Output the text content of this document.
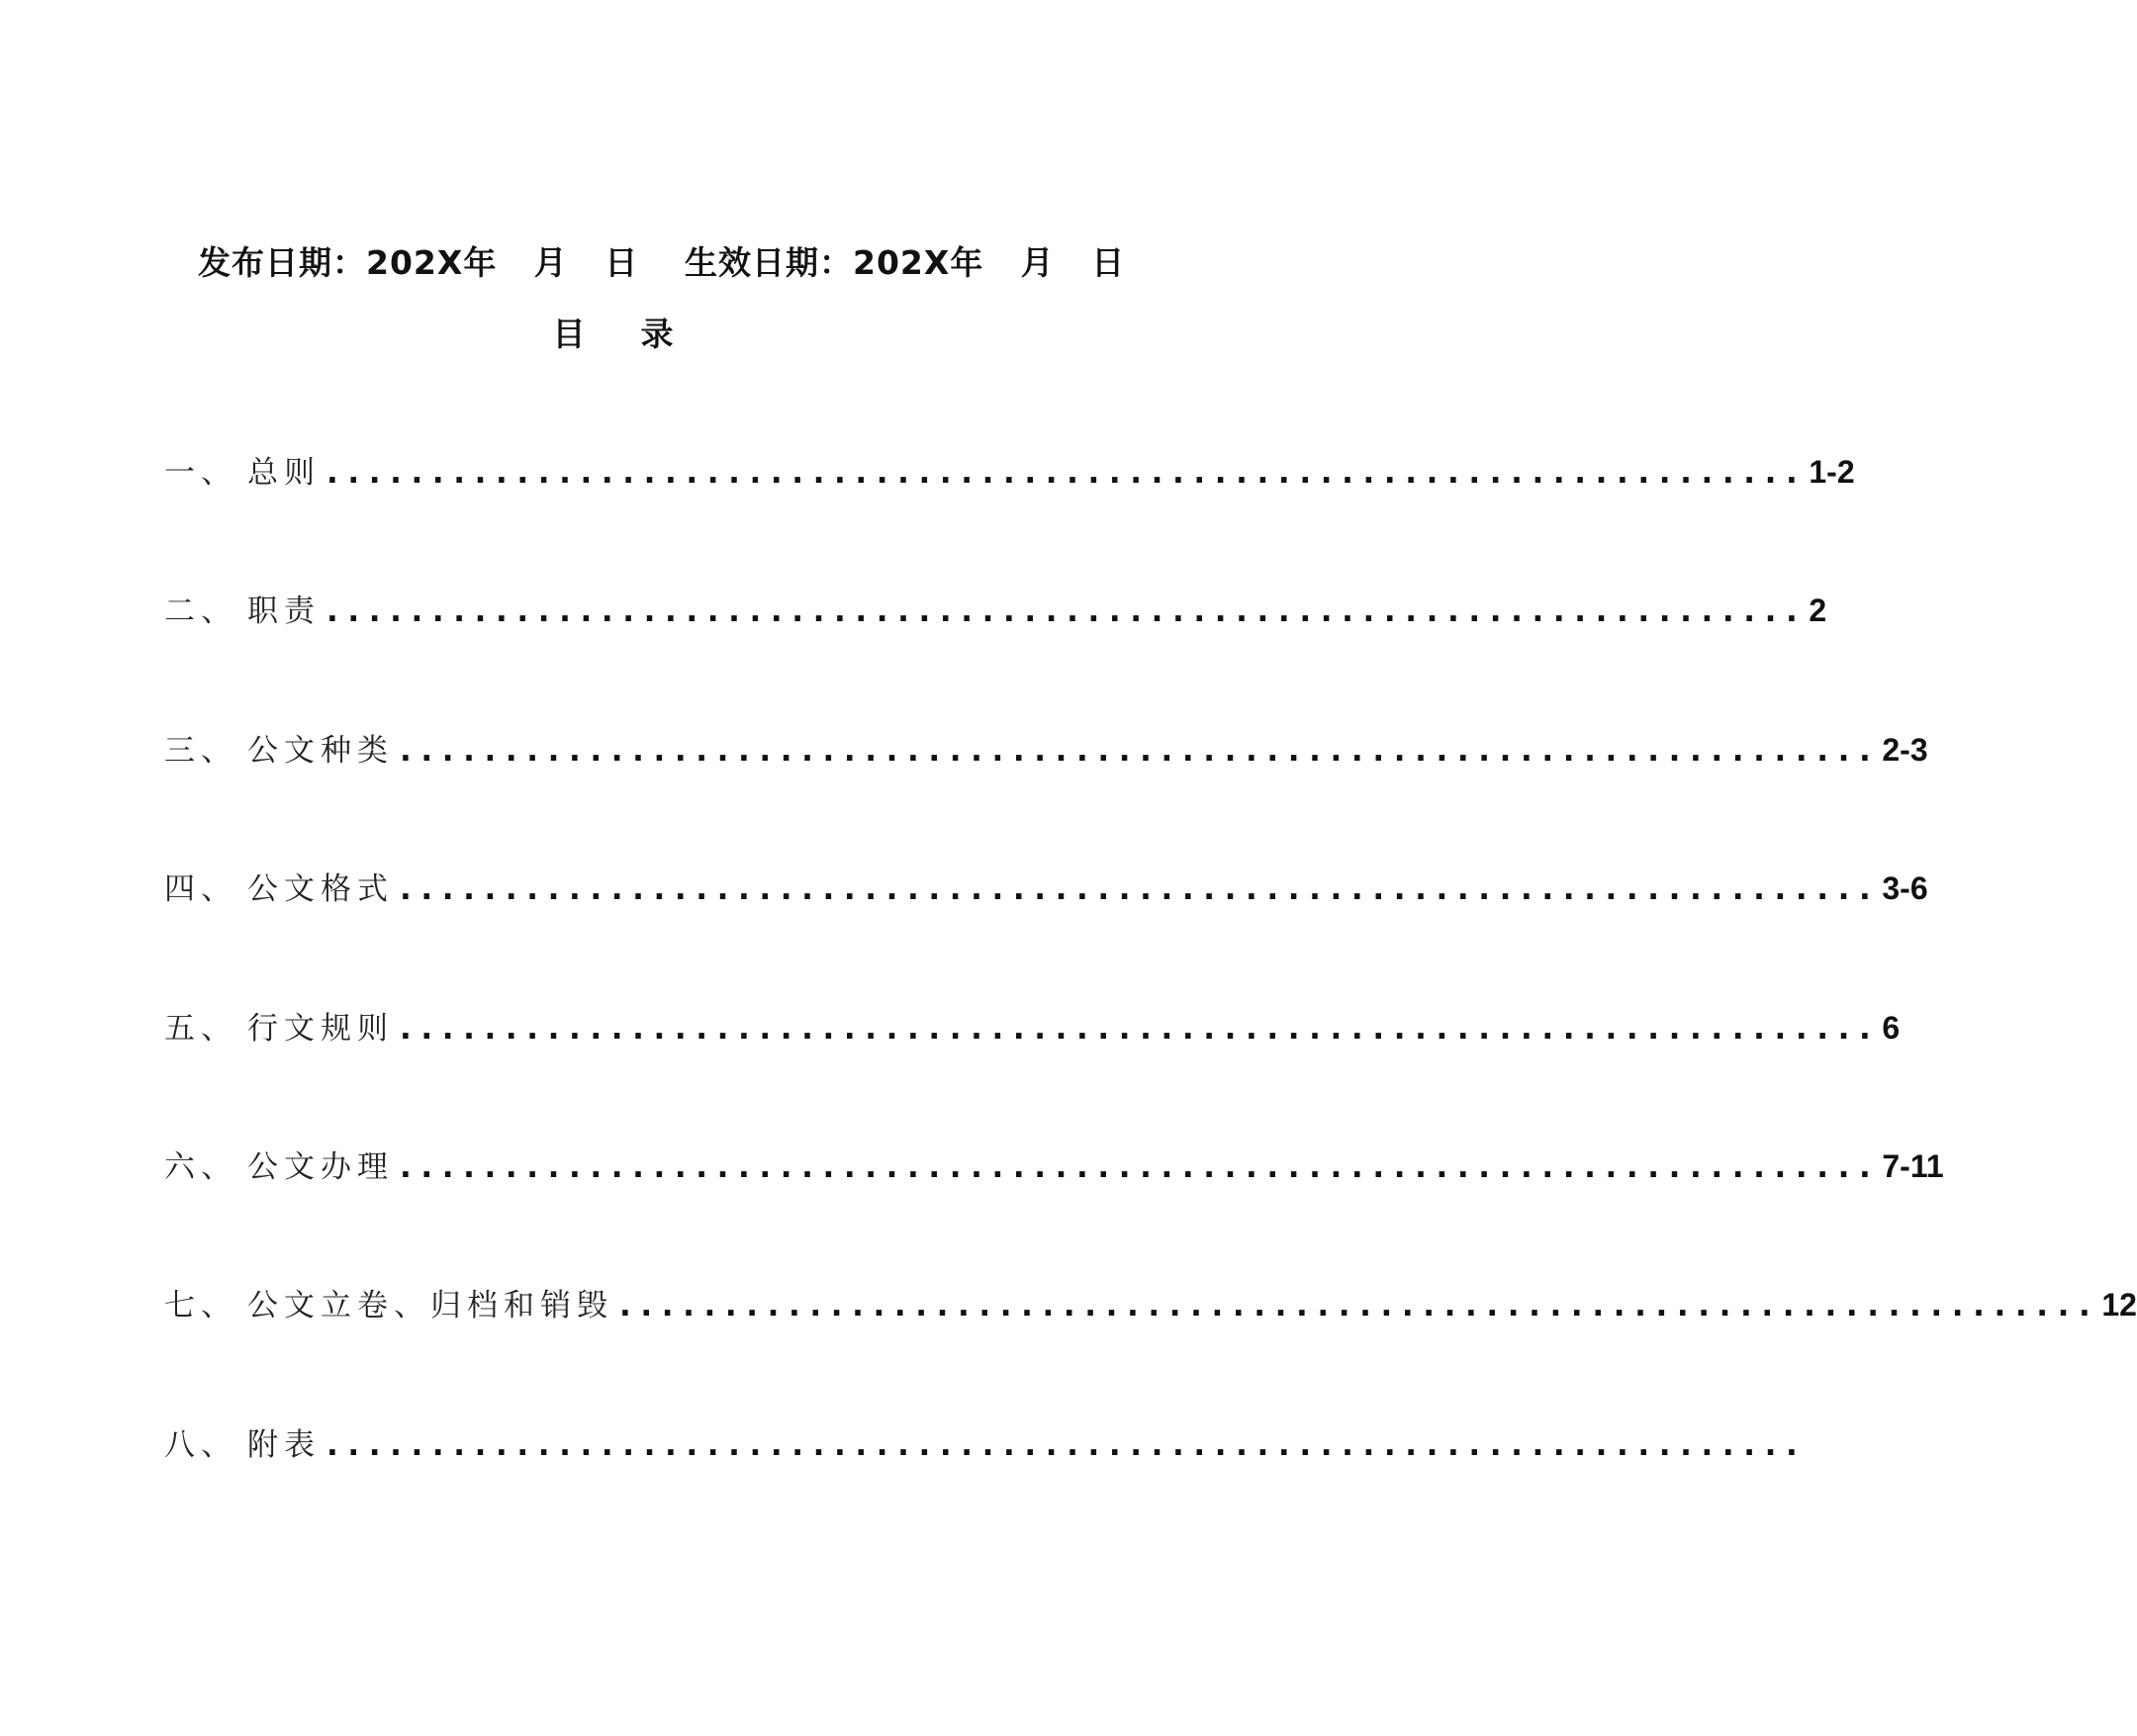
发布日期：202X年   月   日 生效日期：202X年   月   日
目    录
一、 总则 ...................................................................... 1-2
二、 职责 ...................................................................... 2
三、 公文种类 ...................................................................... 2-3
四、 公文格式 ...................................................................... 3-6
五、 行文规则 ...................................................................... 6
六、 公文办理 ...................................................................... 7-11
七、 公文立卷、归档和销毁 ...................................................................... 12
八、 附表 ......................................................................
